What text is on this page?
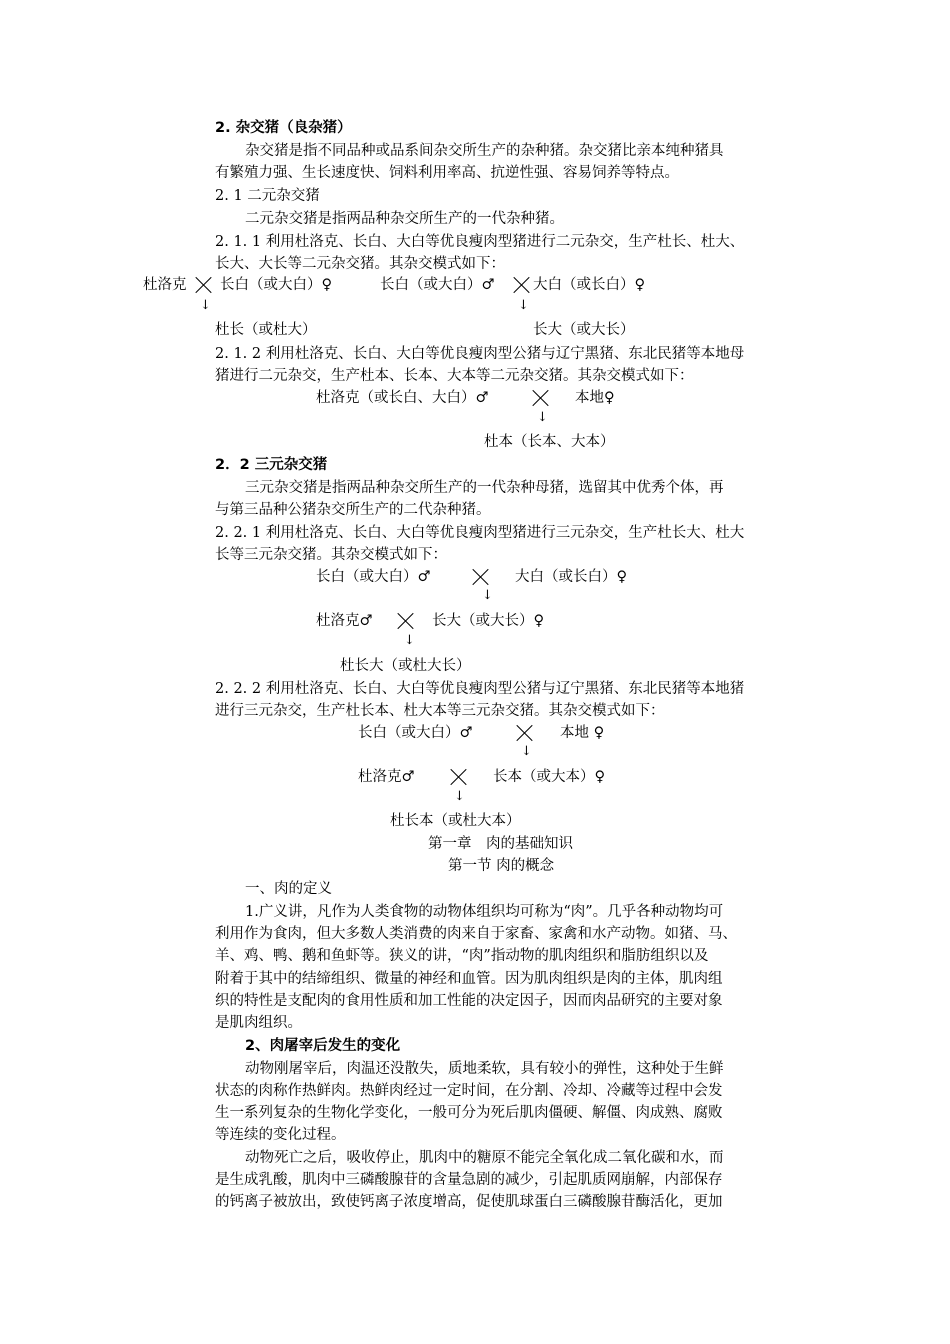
2. 杂交猪（良杂猪）
杂交猪是指不同品种或品系间杂交所生产的杂种猪。杂交猪比亲本纯种猪具
有繁殖力强、生长速度快、饲料利用率高、抗逆性强、容易饲养等特点。
2. 1 二元杂交猪
二元杂交猪是指两品种杂交所生产的一代杂种猪。
2. 1. 1 利用杜洛克、长白、大白等优良瘦肉型猪进行二元杂交，生产杜长、杜大、
长大、大长等二元杂交猪。其杂交模式如下：
杜洛克 长白（或大白）♀	长白（或大白）♂	大白（或长白）♀
↓	↓
杜长（或杜大）	长大（或大长）
2. 1. 2 利用杜洛克、长白、大白等优良瘦肉型公猪与辽宁黑猪、东北民猪等本地母
猪进行二元杂交，生产杜本、长本、大本等二元杂交猪。其杂交模式如下：
杜洛克（或长白、大白）♂	本地♀
↓
杜本（长本、大本）
2．2 三元杂交猪
三元杂交猪是指两品种杂交所生产的一代杂种母猪，选留其中优秀个体，再
与第三品种公猪杂交所生产的二代杂种猪。
2. 2. 1 利用杜洛克、长白、大白等优良瘦肉型猪进行三元杂交，生产杜长大、杜大
长等三元杂交猪。其杂交模式如下：
长白（或大白）♂	大白（或长白）♀
↓
杜洛克♂	长大（或大长）♀
↓
杜长大（或杜大长）
2. 2. 2 利用杜洛克、长白、大白等优良瘦肉型公猪与辽宁黑猪、东北民猪等本地猪
进行三元杂交，生产杜长本、杜大本等三元杂交猪。其杂交模式如下：
长白（或大白）♂	本地 ♀
↓
杜洛克♂	长本（或大本）♀
↓
杜长本（或杜大本）
第一章　肉的基础知识
第一节 肉的概念
一、肉的定义
1.广义讲，凡作为人类食物的动物体组织均可称为“肉”。几乎各种动物均可
利用作为食肉，但大多数人类消费的肉来自于家畜、家禽和水产动物。如猪、马、
羊、鸡、鸭、鹅和鱼虾等。狭义的讲，“肉”指动物的肌肉组织和脂肪组织以及
附着于其中的结缔组织、微量的神经和血管。因为肌肉组织是肉的主体，肌肉组
织的特性是支配肉的食用性质和加工性能的决定因子，因而肉品研究的主要对象
是肌肉组织。
2、肉屠宰后发生的变化
动物刚屠宰后，肉温还没散失，质地柔软，具有较小的弹性，这种处于生鲜
状态的肉称作热鲜肉。热鲜肉经过一定时间，在分割、冷却、冷藏等过程中会发
生一系列复杂的生物化学变化，一般可分为死后肌肉僵硬、解僵、肉成熟、腐败
等连续的变化过程。
动物死亡之后，吸收停止，肌肉中的糖原不能完全氧化成二氧化碳和水，而
是生成乳酸，肌肉中三磷酸腺苷的含量急剧的减少，引起肌质网崩解，内部保存
的钙离子被放出，致使钙离子浓度增高，促使肌球蛋白三磷酸腺苷酶活化，更加
